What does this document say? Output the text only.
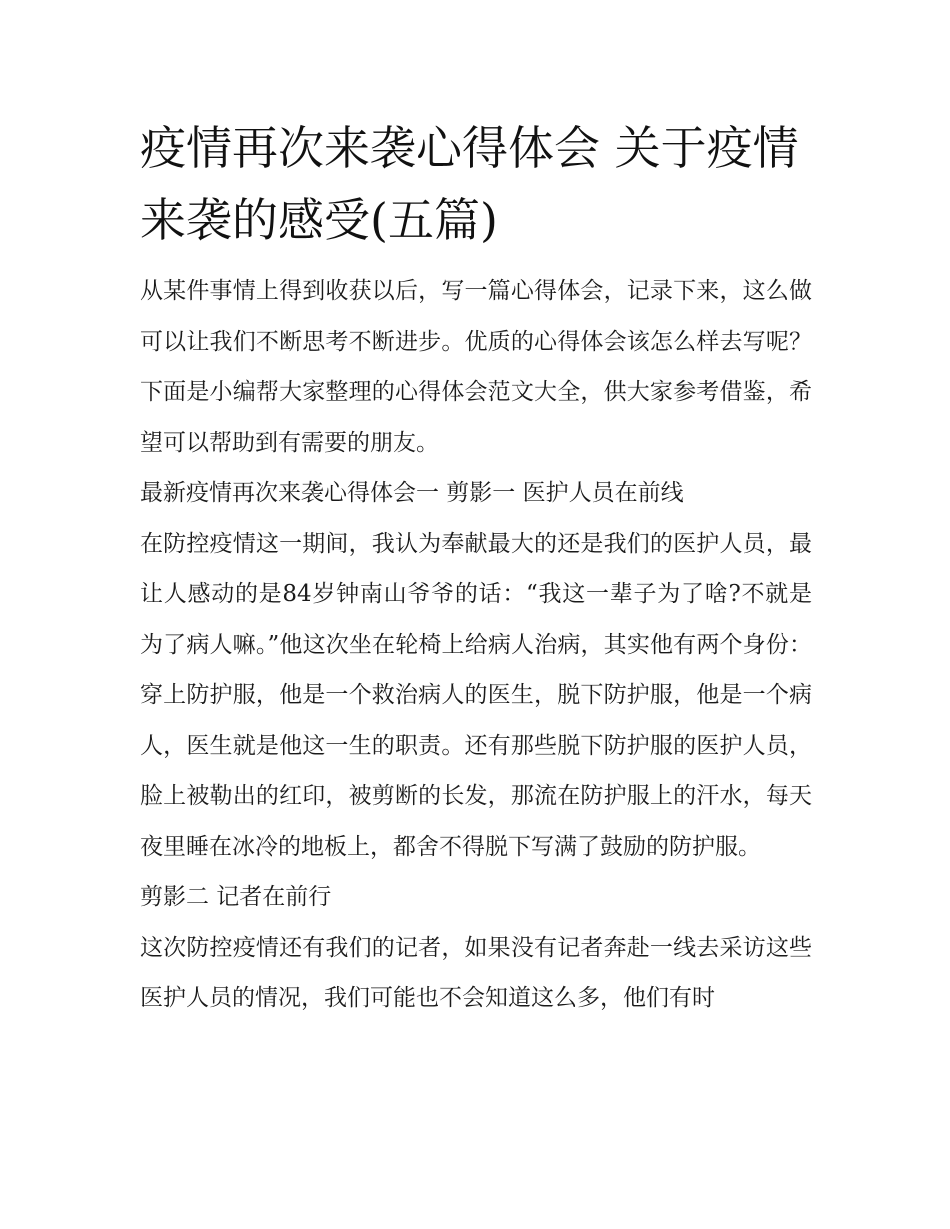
疫情再次来袭心得体会 关于疫情来袭的感受(五篇)

从某件事情上得到收获以后，写一篇心得体会，记录下来，这么做可以让我们不断思考不断进步。优质的心得体会该怎么样去写呢？下面是小编帮大家整理的心得体会范文大全，供大家参考借鉴，希望可以帮助到有需要的朋友。

最新疫情再次来袭心得体会一 剪影一 医护人员在前线

在防控疫情这一期间，我认为奉献最大的还是我们的医护人员，最让人感动的是84岁钟南山爷爷的话：“我这一辈子为了啥?不就是为了病人嘛。”他这次坐在轮椅上给病人治病，其实他有两个身份：穿上防护服，他是一个救治病人的医生，脱下防护服，他是一个病人，医生就是他这一生的职责。还有那些脱下防护服的医护人员，脸上被勒出的红印，被剪断的长发，那流在防护服上的汗水，每天夜里睡在冰冷的地板上，都舍不得脱下写满了鼓励的防护服。

剪影二 记者在前行

这次防控疫情还有我们的记者，如果没有记者奔赴一线去采访这些医护人员的情况，我们可能也不会知道这么多，他们有时
